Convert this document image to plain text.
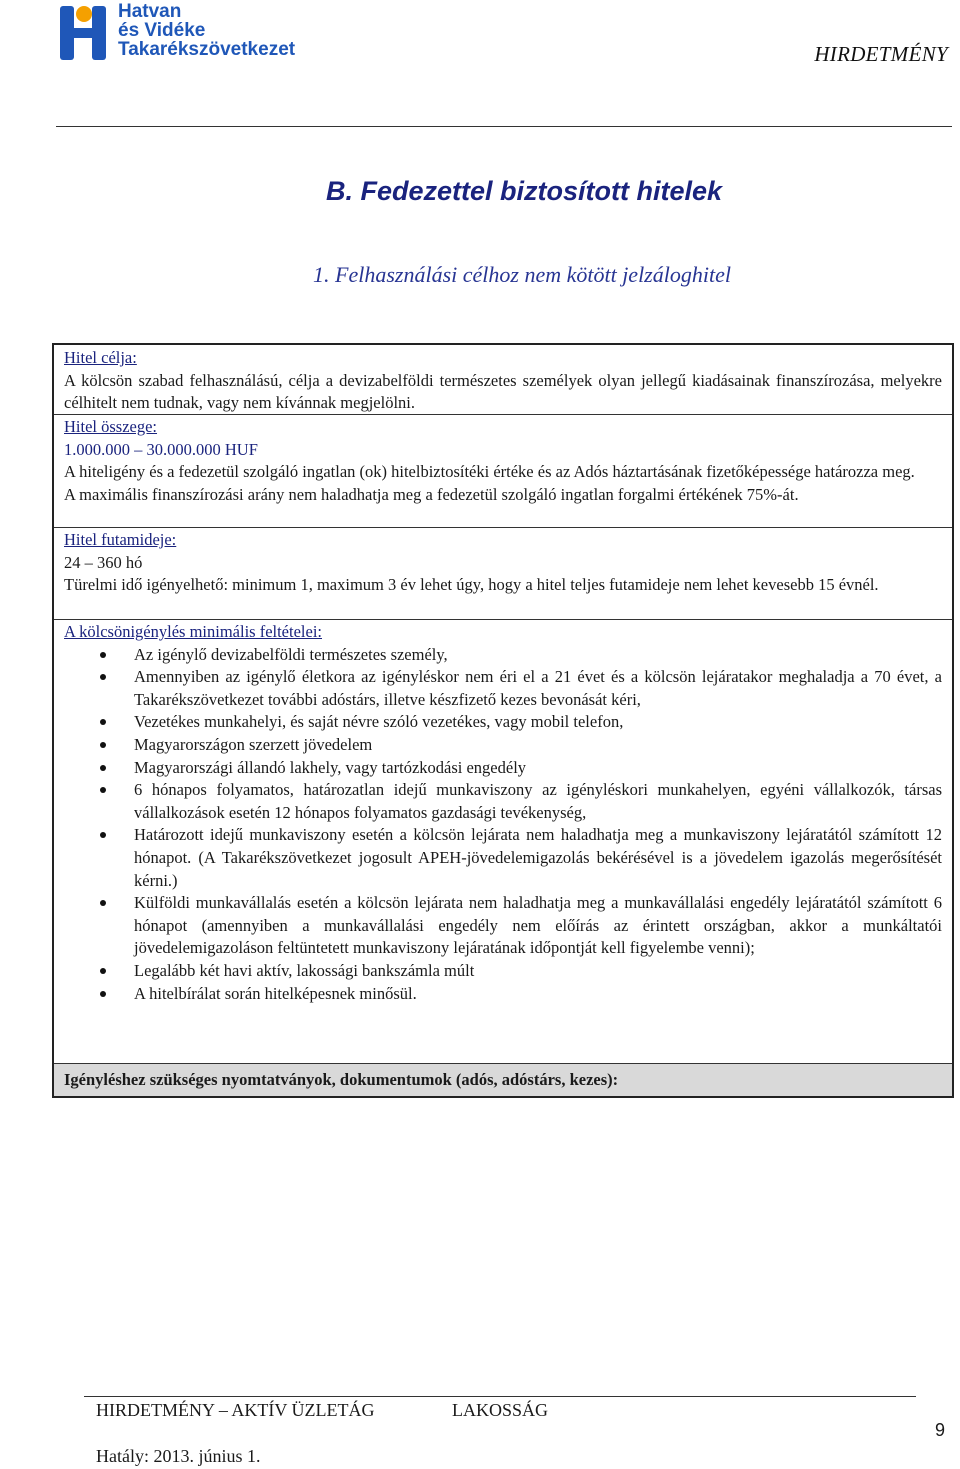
Hatvan
és Vidéke
Takarékszövetkezet	HIRDETMÉNY
B. Fedezettel biztosított hitelek
1. Felhasználási célhoz nem kötött jelzáloghitel

Hitel célja:

A kölcsön szabad felhasználású, célja a devizabelföldi természetes személyek olyan jellegű kiadásainak finanszírozása, melyekre célhitelt nem tudnak, vagy nem kívánnak megjelölni.

Hitel összege:

1.000.000 – 30.000.000 HUF

A hiteligény és a fedezetül szolgáló ingatlan (ok) hitelbiztosítéki értéke és az Adós háztartásának fizetőképessége határozza meg.

A maximális finanszírozási arány nem haladhatja meg a fedezetül szolgáló ingatlan forgalmi értékének 75%-át.

Hitel futamideje:

24 – 360 hó

Türelmi idő igényelhető: minimum 1, maximum 3 év lehet úgy, hogy a hitel teljes futamideje nem lehet kevesebb 15 évnél.

A kölcsönigénylés minimális feltételei:

Az igénylő devizabelföldi természetes személy,
Amennyiben az igénylő életkora az igényléskor nem éri el a 21 évet és a kölcsön lejáratakor meghaladja a 70 évet, a Takarékszövetkezet további adóstárs, illetve készfizető kezes bevonását kéri,
Vezetékes munkahelyi, és saját névre szóló vezetékes, vagy mobil telefon,
Magyarországon szerzett jövedelem
Magyarországi állandó lakhely, vagy tartózkodási engedély
6 hónapos folyamatos, határozatlan idejű munkaviszony az igényléskori munkahelyen, egyéni vállalkozók, társas vállalkozások esetén 12 hónapos folyamatos gazdasági tevékenység,
Határozott idejű munkaviszony esetén a kölcsön lejárata nem haladhatja meg a munkaviszony lejáratától számított 12 hónapot. (A Takarékszövetkezet jogosult APEH-jövedelemigazolás bekérésével is a jövedelem igazolás megerősítését kérni.)
Külföldi munkavállalás esetén a kölcsön lejárata nem haladhatja meg a munkavállalási engedély lejáratától számított 6 hónapot (amennyiben a munkavállalási engedély nem előírás az érintett országban, akkor a munkáltatói jövedelemigazoláson feltüntetett munkaviszony lejáratának időpontját kell figyelembe venni);
Legalább két havi aktív, lakossági bankszámla múlt
A hitelbírálat során hitelképesnek minősül.

Igényléshez szükséges nyomtatványok, dokumentumok (adós, adóstárs, kezes):

HIRDETMÉNY – AKTÍV ÜZLETÁG	LAKOSSÁG
Hatály: 2013. június 1.
9
